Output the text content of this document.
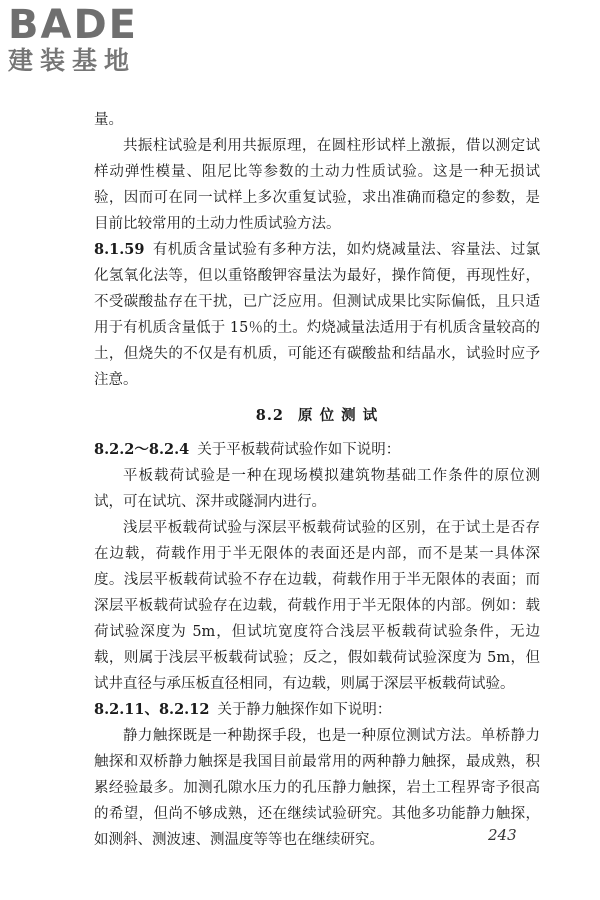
BADE
建装基地

量。

共振柱试验是利用共振原理，在圆柱形试样上激振，借以测定试样动弹性模量、阻尼比等参数的土动力性质试验。这是一种无损试验，因而可在同一试样上多次重复试验，求出准确而稳定的参数，是目前比较常用的土动力性质试验方法。

8.1.59 有机质含量试验有多种方法，如灼烧减量法、容量法、过氯化氢氧化法等，但以重铬酸钾容量法为最好，操作简便，再现性好，不受碳酸盐存在干扰，已广泛应用。但测试成果比实际偏低，且只适用于有机质含量低于 15％的土。灼烧减量法适用于有机质含量较高的土，但烧失的不仅是有机质，可能还有碳酸盐和结晶水，试验时应予注意。

8.2 原 位 测 试

8.2.2～8.2.4 关于平板载荷试验作如下说明：

平板载荷试验是一种在现场模拟建筑物基础工作条件的原位测试，可在试坑、深井或隧洞内进行。

浅层平板载荷试验与深层平板载荷试验的区别，在于试土是否存在边载，荷载作用于半无限体的表面还是内部，而不是某一具体深度。浅层平板载荷试验不存在边载，荷载作用于半无限体的表面；而深层平板载荷试验存在边载，荷载作用于半无限体的内部。例如：载荷试验深度为 5m，但试坑宽度符合浅层平板载荷试验条件，无边载，则属于浅层平板载荷试验；反之，假如载荷试验深度为 5m，但试井直径与承压板直径相同，有边载，则属于深层平板载荷试验。

8.2.11、8.2.12 关于静力触探作如下说明：

静力触探既是一种勘探手段，也是一种原位测试方法。单桥静力触探和双桥静力触探是我国目前最常用的两种静力触探，最成熟，积累经验最多。加测孔隙水压力的孔压静力触探，岩土工程界寄予很高的希望，但尚不够成熟，还在继续试验研究。其他多功能静力触探，如测斜、测波速、测温度等等也在继续研究。	243
